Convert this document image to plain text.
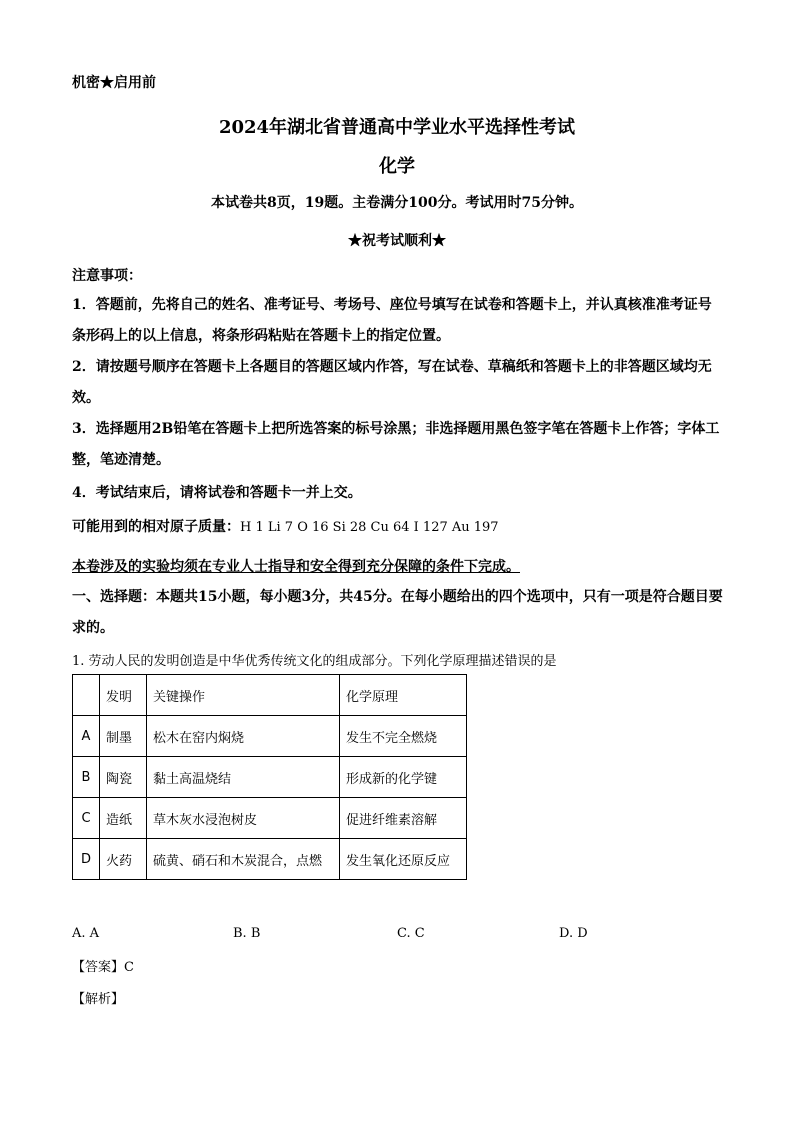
机密★启用前
2024年湖北省普通高中学业水平选择性考试
化学
本试卷共8页，19题。主卷满分100分。考试用时75分钟。
★祝考试顺利★
注意事项：
1．答题前，先将自己的姓名、准考证号、考场号、座位号填写在试卷和答题卡上，并认真核准准考证号条形码上的以上信息，将条形码粘贴在答题卡上的指定位置。
2．请按题号顺序在答题卡上各题目的答题区域内作答，写在试卷、草稿纸和答题卡上的非答题区域均无效。
3．选择题用2B铅笔在答题卡上把所选答案的标号涂黑；非选择题用黑色签字笔在答题卡上作答；字体工整，笔迹清楚。
4．考试结束后，请将试卷和答题卡一并上交。
可能用到的相对原子质量：H 1 Li 7 O 16 Si 28 Cu 64 I 127 Au 197
本卷涉及的实验均须在专业人士指导和安全得到充分保障的条件下完成。
一、选择题：本题共15小题，每小题3分，共45分。在每小题给出的四个选项中，只有一项是符合题目要求的。
1. 劳动人民的发明创造是中华优秀传统文化的组成部分。下列化学原理描述错误的是
	发明	关键操作	化学原理
A	制墨	松木在窑内焖烧	发生不完全燃烧
B	陶瓷	黏土高温烧结	形成新的化学键
C	造纸	草木灰水浸泡树皮	促进纤维素溶解
D	火药	硫黄、硝石和木炭混合，点燃	发生氧化还原反应
A. A	B. B	C. C	D. D
【答案】C
【解析】
